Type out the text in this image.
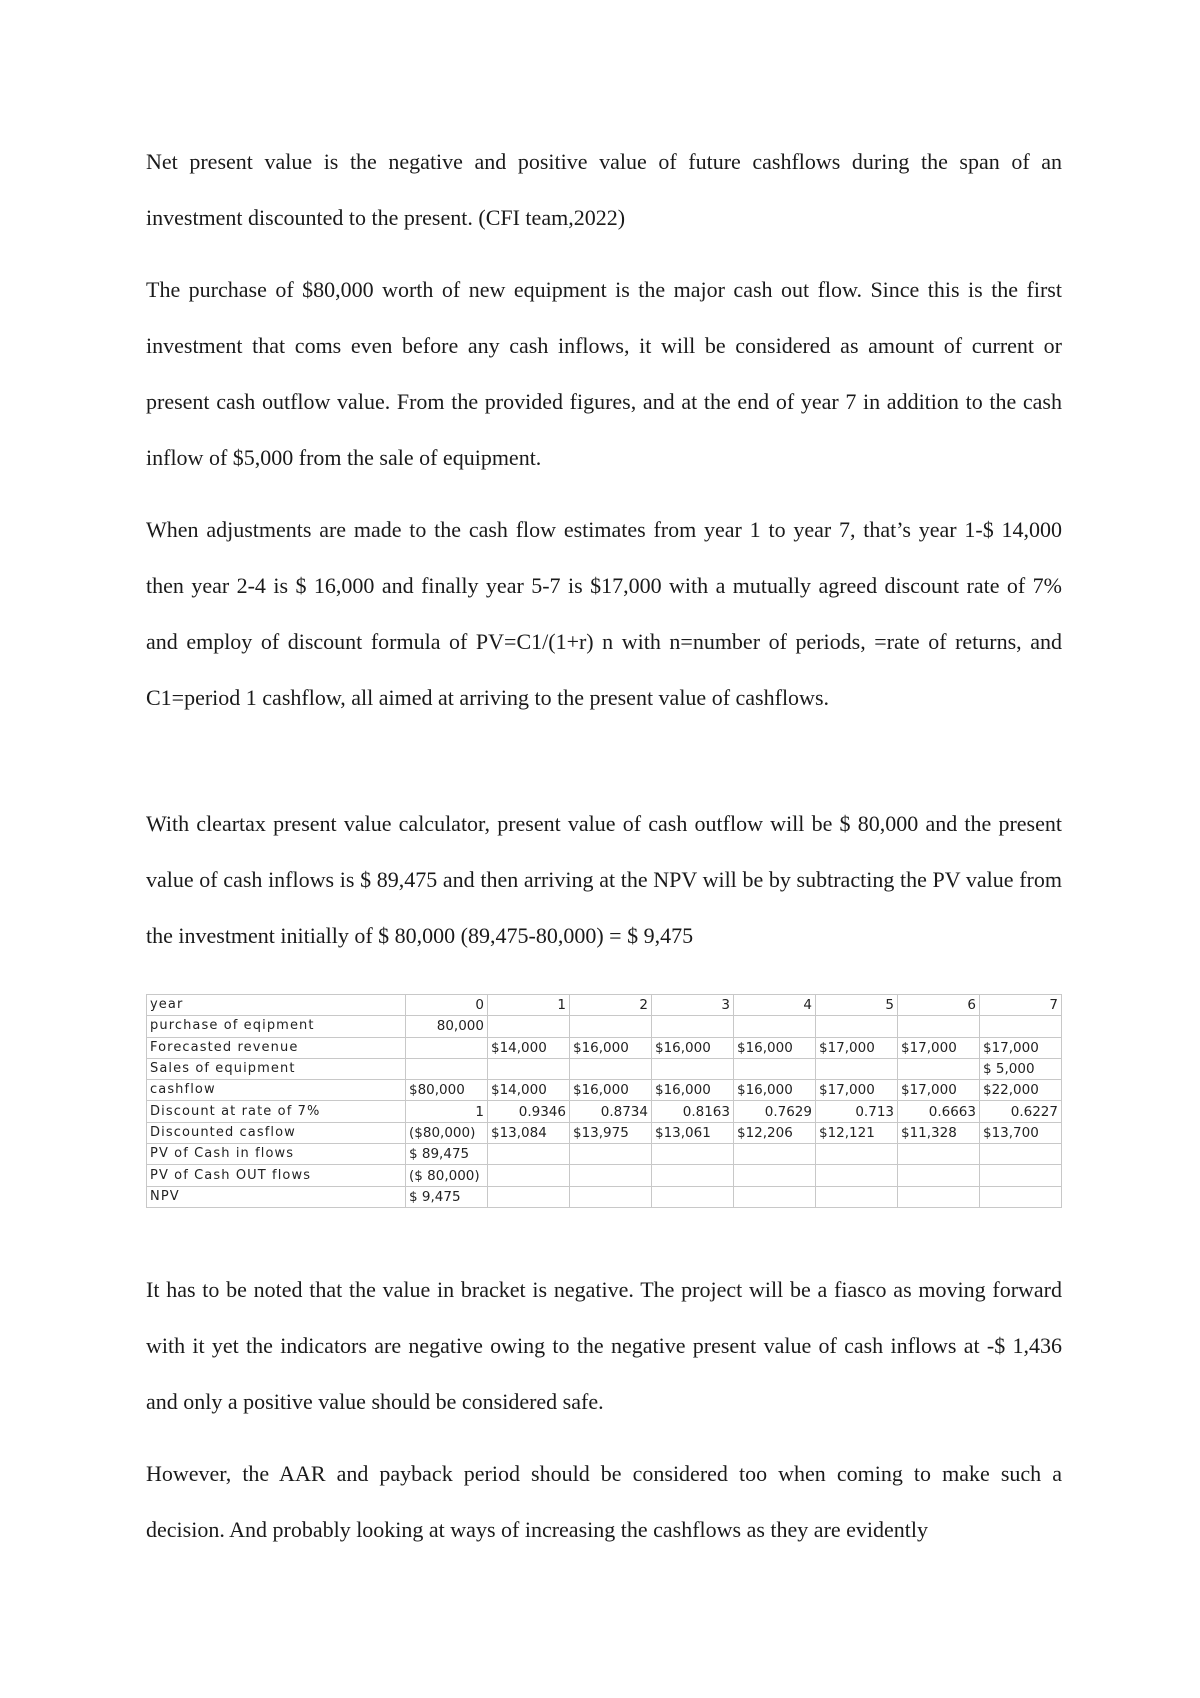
Net present value is the negative and positive value of future cashflows during the span of an investment discounted to the present. (CFI team,2022)

The purchase of $80,000 worth of new equipment is the major cash out flow. Since this is the first investment that coms even before any cash inflows, it will be considered as amount of current or present cash outflow value. From the provided figures, and at the end of year 7 in addition to the cash inflow of $5,000 from the sale of equipment.

When adjustments are made to the cash flow estimates from year 1 to year 7, that’s year 1-$ 14,000 then year 2-4 is $ 16,000 and finally year 5-7 is $17,000 with a mutually agreed discount rate of 7% and employ of discount formula of PV=C1/(1+r) n with n=number of periods, =rate of returns, and C1=period 1 cashflow, all aimed at arriving to the present value of cashflows.

With cleartax present value calculator, present value of cash outflow will be $ 80,000 and the present value of cash inflows is $ 89,475 and then arriving at the NPV will be by subtracting the PV value from the investment initially of $ 80,000 (89,475-80,000) = $ 9,475

year	0	1	2	3	4	5	6	7
purchase of eqipment	80,000							
Forecasted revenue		$14,000	$16,000	$16,000	$16,000	$17,000	$17,000	$17,000
Sales of equipment								$ 5,000
cashflow	$80,000	$14,000	$16,000	$16,000	$16,000	$17,000	$17,000	$22,000
Discount at rate of 7%	1	0.9346	0.8734	0.8163	0.7629	0.713	0.6663	0.6227
Discounted casflow	($80,000)	$13,084	$13,975	$13,061	$12,206	$12,121	$11,328	$13,700
PV of Cash in flows	$ 89,475							
PV of Cash OUT flows	($ 80,000)							
NPV	$ 9,475							

It has to be noted that the value in bracket is negative. The project will be a fiasco as moving forward with it yet the indicators are negative owing to the negative present value of cash inflows at -$ 1,436 and only a positive value should be considered safe.

However, the AAR and payback period should be considered too when coming to make such a decision. And probably looking at ways of increasing the cashflows as they are evidently
